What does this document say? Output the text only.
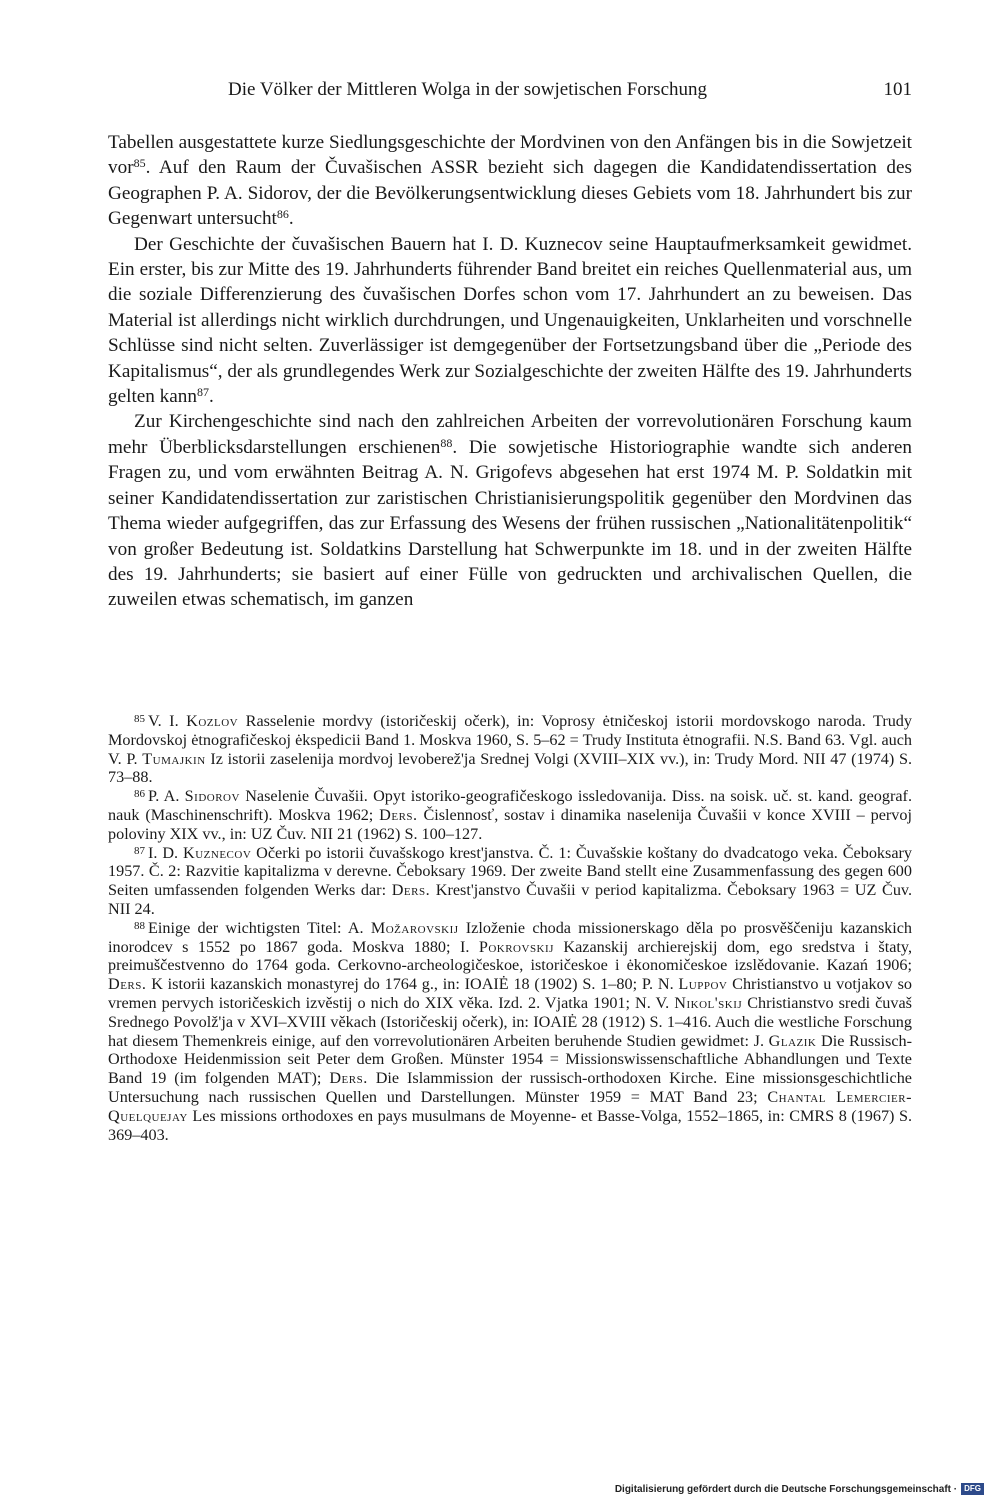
Die Völker der Mittleren Wolga in der sowjetischen Forschung	101

Tabellen ausgestattete kurze Siedlungsgeschichte der Mordvinen von den Anfängen bis in die Sowjetzeit vor$^{85}$. Auf den Raum der Čuvašischen ASSR bezieht sich dagegen die Kandidatendissertation des Geographen P. A. Sidorov, der die Bevölkerungsentwicklung dieses Gebiets vom 18. Jahrhundert bis zur Gegenwart untersucht$^{86}$.

Der Geschichte der čuvašischen Bauern hat I. D. Kuznecov seine Hauptaufmerksamkeit gewidmet. Ein erster, bis zur Mitte des 19. Jahrhunderts führender Band breitet ein reiches Quellenmaterial aus, um die soziale Differenzierung des čuvašischen Dorfes schon vom 17. Jahrhundert an zu beweisen. Das Material ist allerdings nicht wirklich durchdrungen, und Ungenauigkeiten, Unklarheiten und vorschnelle Schlüsse sind nicht selten. Zuverlässiger ist demgegenüber der Fortsetzungsband über die „Periode des Kapitalismus“, der als grundlegendes Werk zur Sozialgeschichte der zweiten Hälfte des 19. Jahrhunderts gelten kann$^{87}$.

Zur Kirchengeschichte sind nach den zahlreichen Arbeiten der vorrevolutionären Forschung kaum mehr Überblicksdarstellungen erschienen$^{88}$. Die sowjetische Historiographie wandte sich anderen Fragen zu, und vom erwähnten Beitrag A. N. Grigofevs abgesehen hat erst 1974 M. P. Soldatkin mit seiner Kandidatendissertation zur zaristischen Christianisierungspolitik gegenüber den Mordvinen das Thema wieder aufgegriffen, das zur Erfassung des Wesens der frühen russischen „Nationalitätenpolitik“ von großer Bedeutung ist. Soldatkins Darstellung hat Schwerpunkte im 18. und in der zweiten Hälfte des 19. Jahrhunderts; sie basiert auf einer Fülle von gedruckten und archivalischen Quellen, die zuweilen etwas schematisch, im ganzen

$^{85}$ V. I. Kozlov Rasselenie mordvy (istoričeskij očerk), in: Voprosy ėtničeskoj istorii mordovskogo naroda. Trudy Mordovskoj ėtnografičeskoj ėkspedicii Band 1. Moskva 1960, S. 5–62 = Trudy Instituta ėtnografii. N.S. Band 63. Vgl. auch V. P. Tumajkin Iz istorii zaselenija mordvoj levoberež'ja Srednej Volgi (XVIII–XIX vv.), in: Trudy Mord. NII 47 (1974) S. 73–88.

$^{86}$ P. A. Sidorov Naselenie Čuvašii. Opyt istoriko-geografičeskogo issledovanija. Diss. na soisk. uč. st. kand. geograf. nauk (Maschinenschrift). Moskva 1962; Ders. Čislennosť, sostav i dinamika naselenija Čuvašii v konce XVIII – pervoj poloviny XIX vv., in: UZ Čuv. NII 21 (1962) S. 100–127.

$^{87}$ I. D. Kuznecov Očerki po istorii čuvašskogo krest'janstva. Č. 1: Čuvašskie koštany do dvadcatogo veka. Čeboksary 1957. Č. 2: Razvitie kapitalizma v derevne. Čeboksary 1969. Der zweite Band stellt eine Zusammenfassung des gegen 600 Seiten umfassenden folgenden Werks dar: Ders. Krest'janstvo Čuvašii v period kapitalizma. Čeboksary 1963 = UZ Čuv. NII 24.

$^{88}$ Einige der wichtigsten Titel: A. Možarovskij Izloženie choda missionerskago děla po prosvěščeniju kazanskich inorodcev s 1552 po 1867 goda. Moskva 1880; I. Pokrovskij Kazanskij archierejskij dom, ego sredstva i štaty, preimuščestvenno do 1764 goda. Cerkovno-archeologičeskoe, istoričeskoe i ėkonomičeskoe izslědovanie. Kazań 1906; Ders. K istorii kazanskich monastyrej do 1764 g., in: IOAIĖ 18 (1902) S. 1–80; P. N. Luppov Christianstvo u votjakov so vremen pervych istoričeskich izvěstij o nich do XIX věka. Izd. 2. Vjatka 1901; N. V. Nikol'skij Christianstvo sredi čuvaš Srednego Povolž'ja v XVI–XVIII věkach (Istoričeskij očerk), in: IOAIĖ 28 (1912) S. 1–416. Auch die westliche Forschung hat diesem Themenkreis einige, auf den vorrevolutionären Arbeiten beruhende Studien gewidmet: J. Glazik Die Russisch-Orthodoxe Heidenmission seit Peter dem Großen. Münster 1954 = Missionswissenschaftliche Abhandlungen und Texte Band 19 (im folgenden MAT); Ders. Die Islammission der russisch-orthodoxen Kirche. Eine missionsgeschichtliche Untersuchung nach russischen Quellen und Darstellungen. Münster 1959 = MAT Band 23; Chantal Lemercier-Quelquejay Les missions orthodoxes en pays musulmans de Moyenne- et Basse-Volga, 1552–1865, in: CMRS 8 (1967) S. 369–403.

Digitalisierung gefördert durch die Deutsche Forschungsgemeinschaft · DFG
